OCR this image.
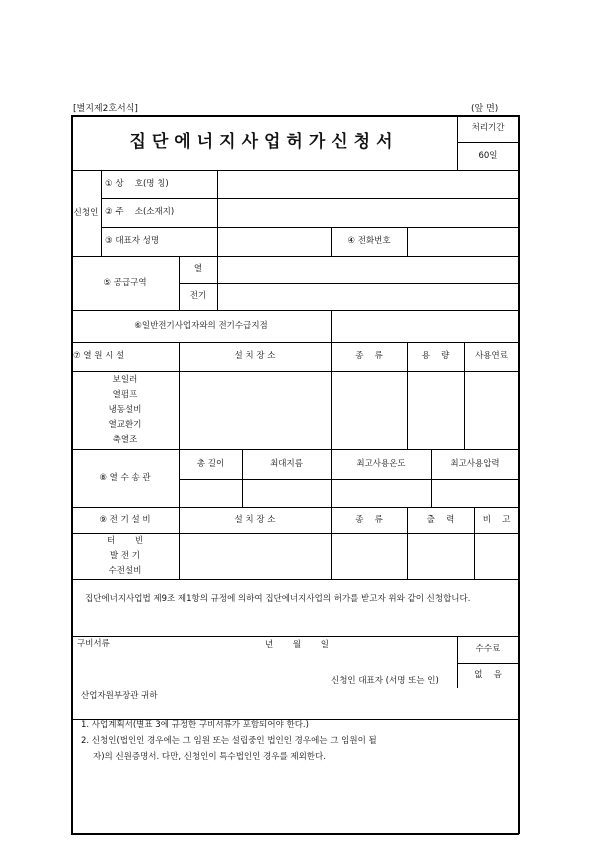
[별지제2호서식]	(앞 면)
집단에너지사업허가신청서
처리기간
60일
신청인
① 상　 호(명 칭)
② 주　 소(소재지)
③ 대표자 성명	④ 전화번호
⑤ 공급구역
열
전기
⑥일반전기사업자와의 전기수급지점
⑦ 열 원 시 설	설 치 장 소	종　 류	용　 량	사용연료
보일러
열펌프
냉동설비
열교환기
축열조
⑧ 열 수 송 관
총 길이	최대지름	최고사용온도	최고사용압력
⑨ 전 기 설 비	설 치 장 소	종　 류	출　 력	비　 고
터　　 빈
발 전 기
수전설비
집단에너지사업법 제9조 제1항의 규정에 의하여 집단에너지사업의 허가를 받고자 위와 같이 신청합니다.
구비서류	년　　 월　　 일
신청인 대표자 (서명 또는 인)
산업자원부장관 귀하
수수료
없　 음
1. 사업계획서(별표 3에 규정한 구비서류가 포함되어야 한다.)
2. 신청인(법인인 경우에는 그 임원 또는 설립중인 법인인 경우에는 그 임원이 될 자)의 신원증명서. 다만, 신청인이 특수법인인 경우를 제외한다.
